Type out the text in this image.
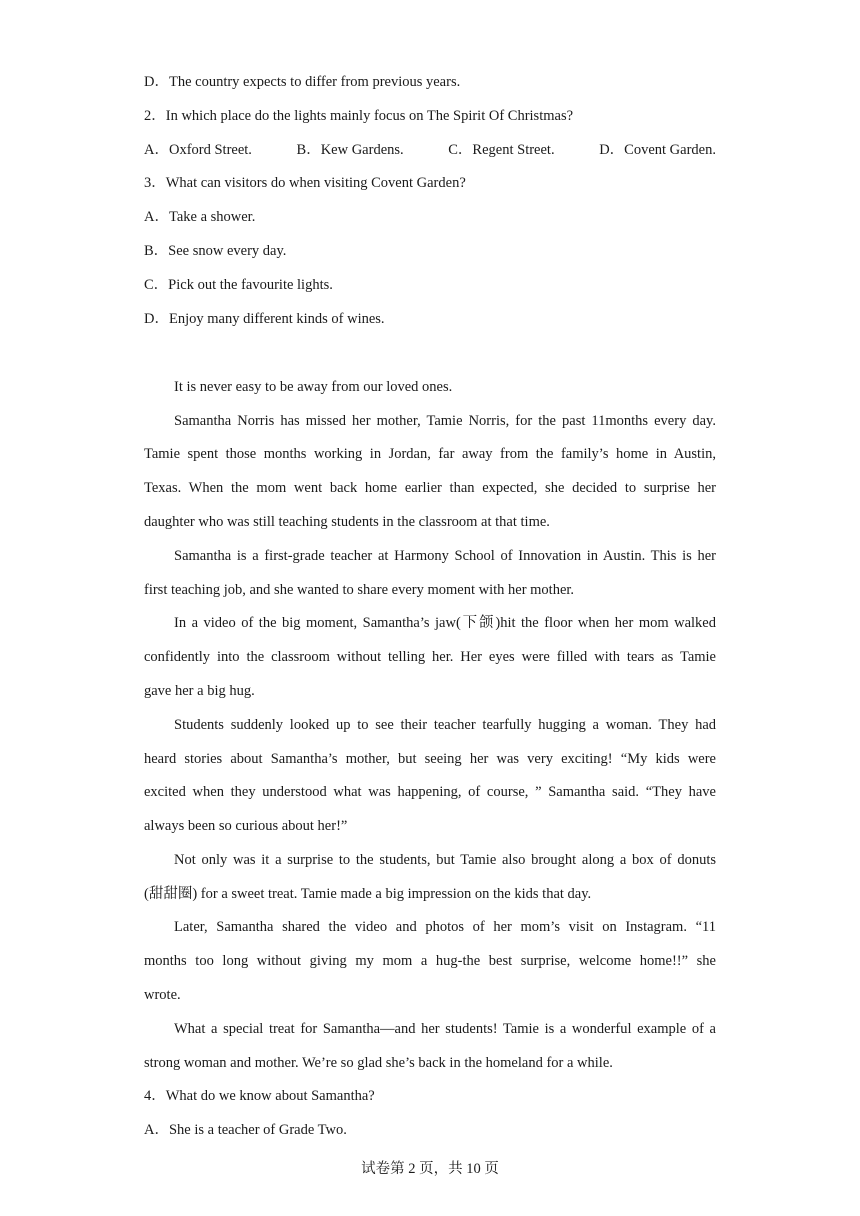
D．The country expects to differ from previous years.
2．In which place do the lights mainly focus on The Spirit Of Christmas?
A．Oxford Street.	B．Kew Gardens.	C．Regent Street.	D．Covent Garden.
3．What can visitors do when visiting Covent Garden?
A．Take a shower.
B．See snow every day.
C．Pick out the favourite lights.
D．Enjoy many different kinds of wines.
It is never easy to be away from our loved ones.
Samantha Norris has missed her mother, Tamie Norris, for the past 11months every day.
Tamie spent those months working in Jordan, far away from the family’s home in Austin,
Texas. When the mom went back home earlier than expected, she decided to surprise her
daughter who was still teaching students in the classroom at that time.
Samantha is a first-grade teacher at Harmony School of Innovation in Austin. This is her
first teaching job, and she wanted to share every moment with her mother.
In a video of the big moment, Samantha’s jaw(下颌)hit the floor when her mom walked
confidently into the classroom without telling her. Her eyes were filled with tears as Tamie
gave her a big hug.
Students suddenly looked up to see their teacher tearfully hugging a woman. They had
heard stories about Samantha’s mother, but seeing her was very exciting! “My kids were
excited when they understood what was happening, of course, ” Samantha said. “They have
always been so curious about her!”
Not only was it a surprise to the students, but Tamie also brought along a box of donuts
(甜甜圈) for a sweet treat. Tamie made a big impression on the kids that day.
Later, Samantha shared the video and photos of her mom’s visit on Instagram. “11
months too long without giving my mom a hug-the best surprise, welcome home!!” she
wrote.
What a special treat for Samantha—and her students! Tamie is a wonderful example of a
strong woman and mother. We’re so glad she’s back in the homeland for a while.
4．What do we know about Samantha?
A．She is a teacher of Grade Two.
试卷第 2 页，共 10 页
